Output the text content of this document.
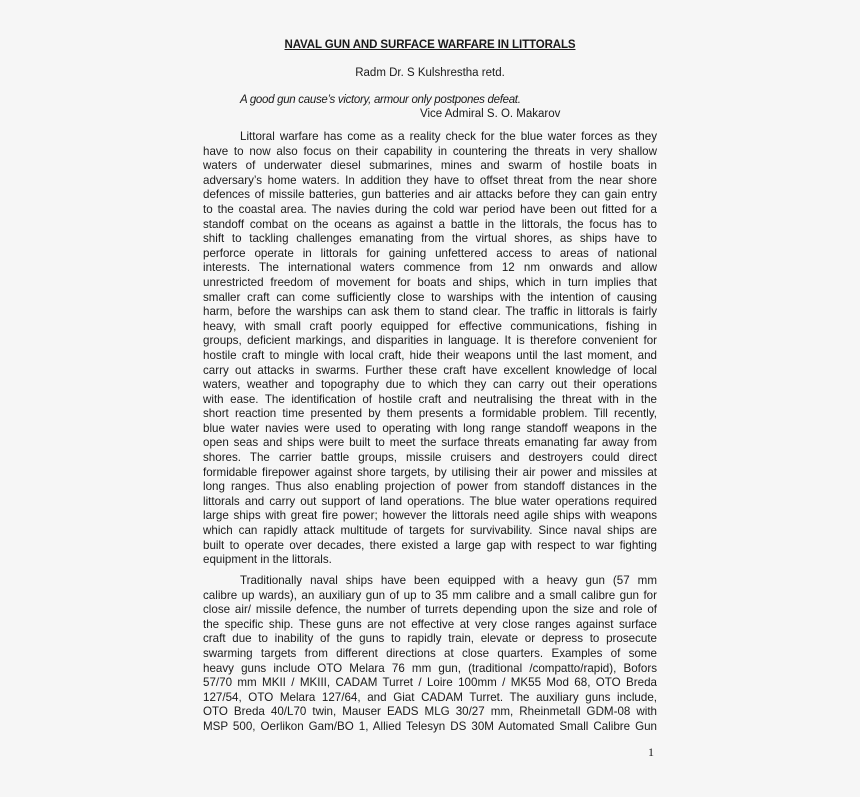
NAVAL GUN AND SURFACE WARFARE IN LITTORALS
Radm Dr. S Kulshrestha retd.
A good gun cause’s victory, armour only postpones defeat.
Vice Admiral S. O. Makarov
Littoral warfare has come as a reality check for the blue water forces as they
have to now also focus on their capability in countering the threats in very shallow
waters of underwater diesel submarines, mines and swarm of hostile boats in
adversary’s home waters. In addition they have to offset threat from the near shore
defences of missile batteries, gun batteries and air attacks before they can gain entry
to the coastal area. The navies during the cold war period have been out fitted for a
standoff combat on the oceans as against a battle in the littorals, the focus has to
shift to tackling challenges emanating from the virtual shores, as ships have to
perforce operate in littorals for gaining unfettered access to areas of national
interests. The international waters commence from 12 nm onwards and allow
unrestricted freedom of movement for boats and ships, which in turn implies that
smaller craft can come sufficiently close to warships with the intention of causing
harm, before the warships can ask them to stand clear. The traffic in littorals is fairly
heavy, with small craft poorly equipped for effective communications, fishing in
groups, deficient markings, and disparities in language. It is therefore convenient for
hostile craft to mingle with local craft, hide their weapons until the last moment, and
carry out attacks in swarms. Further these craft have excellent knowledge of local
waters, weather and topography due to which they can carry out their operations
with ease. The identification of hostile craft and neutralising the threat with in the
short reaction time presented by them presents a formidable problem. Till recently,
blue water navies were used to operating with long range standoff weapons in the
open seas and ships were built to meet the surface threats emanating far away from
shores. The carrier battle groups, missile cruisers and destroyers could direct
formidable firepower against shore targets, by utilising their air power and missiles at
long ranges. Thus also enabling projection of power from standoff distances in the
littorals and carry out support of land operations. The blue water operations required
large ships with great fire power; however the littorals need agile ships with weapons
which can rapidly attack multitude of targets for survivability. Since naval ships are
built to operate over decades, there existed a large gap with respect to war fighting
equipment in the littorals.
Traditionally naval ships have been equipped with a heavy gun (57 mm
calibre up wards), an auxiliary gun of up to 35 mm calibre and a small calibre gun for
close air/ missile defence, the number of turrets depending upon the size and role of
the specific ship. These guns are not effective at very close ranges against surface
craft due to inability of the guns to rapidly train, elevate or depress to prosecute
swarming targets from different directions at close quarters. Examples of some
heavy guns include OTO Melara 76 mm gun, (traditional /compatto/rapid), Bofors
57/70 mm MKII / MKIII, CADAM Turret / Loire 100mm / MK55 Mod 68, OTO Breda
127/54, OTO Melara 127/64, and Giat CADAM Turret. The auxiliary guns include,
OTO Breda 40/L70 twin, Mauser EADS MLG 30/27 mm, Rheinmetall GDM-08 with
MSP 500, Oerlikon Gam/BO 1, Allied Telesyn DS 30M Automated Small Calibre Gun
1
